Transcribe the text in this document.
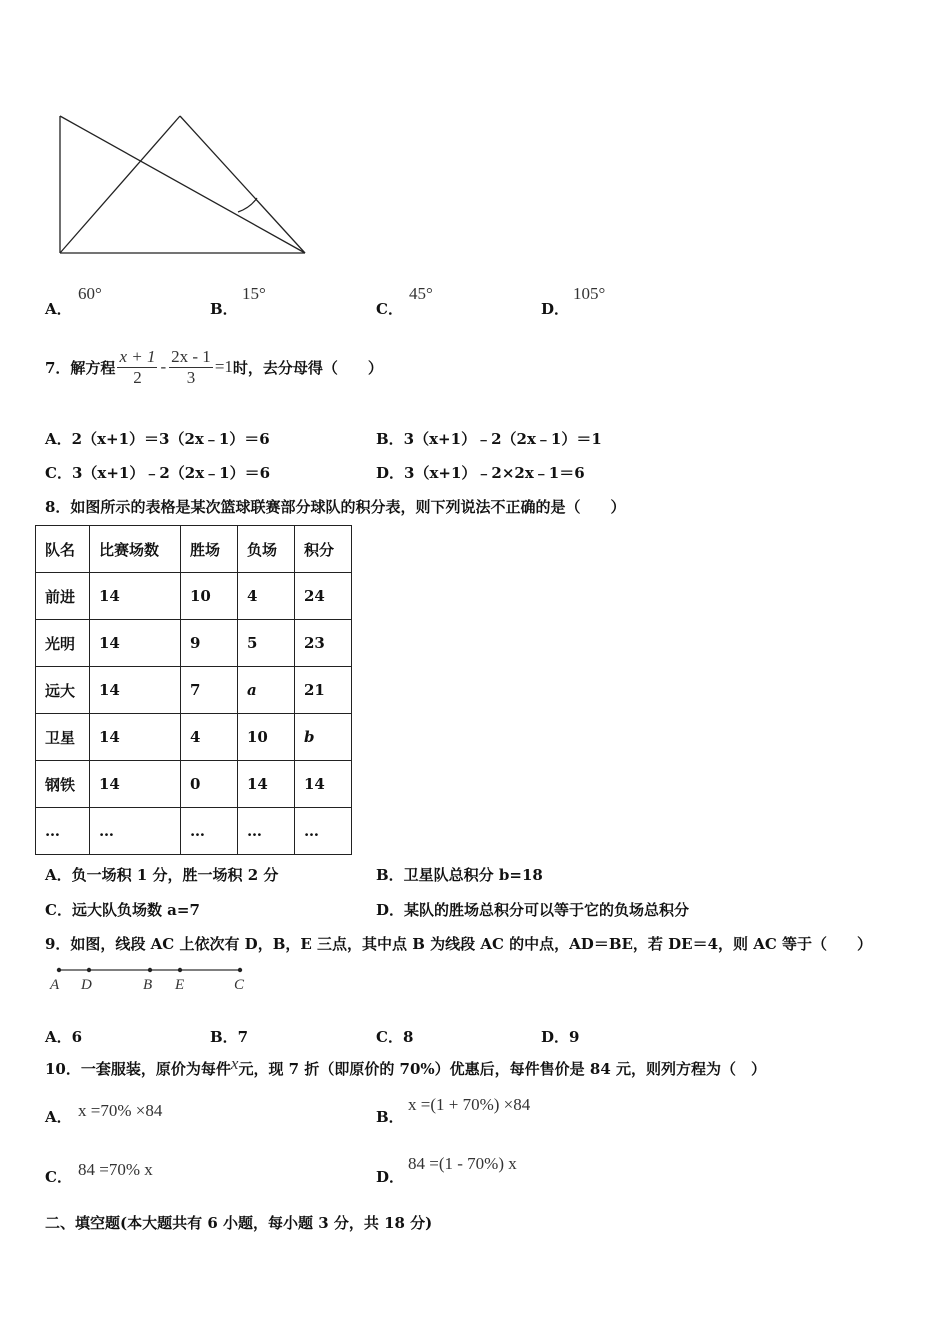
A．
60°
B．
15°
C．
45°
D．
105°
7．解方程 $\frac{x + 1}{2} - \frac{2x - 1}{3} =1$ 时，去分母得（　　）
A．2（x+1）＝3（2x﹣1）＝6	B．3（x+1）﹣2（2x﹣1）＝1
C．3（x+1）﹣2（2x﹣1）＝6	D．3（x+1）﹣2×2x﹣1＝6
8．如图所示的表格是某次篮球联赛部分球队的积分表，则下列说法不正确的是（　　）
队名	比赛场数	胜场	负场	积分
前进	14	10	4	24
光明	14	9	5	23
远大	14	7	a	21
卫星	14	4	10	b
钢铁	14	0	14	14
…	…	…	…	…
A．负一场积 1 分，胜一场积 2 分	B．卫星队总积分 b=18
C．远大队负场数 a=7	D．某队的胜场总积分可以等于它的负场总积分
9．如图，线段 AC 上依次有 D，B，E 三点，其中点 B 为线段 AC 的中点，AD＝BE，若 DE＝4，则 AC 等于（　　）
A D	B E	C
A．6	B．7	C．8	D．9
10．一套服装，原价为每件x元，现 7 折（即原价的 70%）优惠后，每件售价是 84 元，则列方程为（　）
A． x =70% ×84	B．
x =(1 + 70%) ×84
C． 84 =70% x	D．
84 =(1 - 70%) x
二、填空题(本大题共有 6 小题，每小题 3 分，共 18 分)
